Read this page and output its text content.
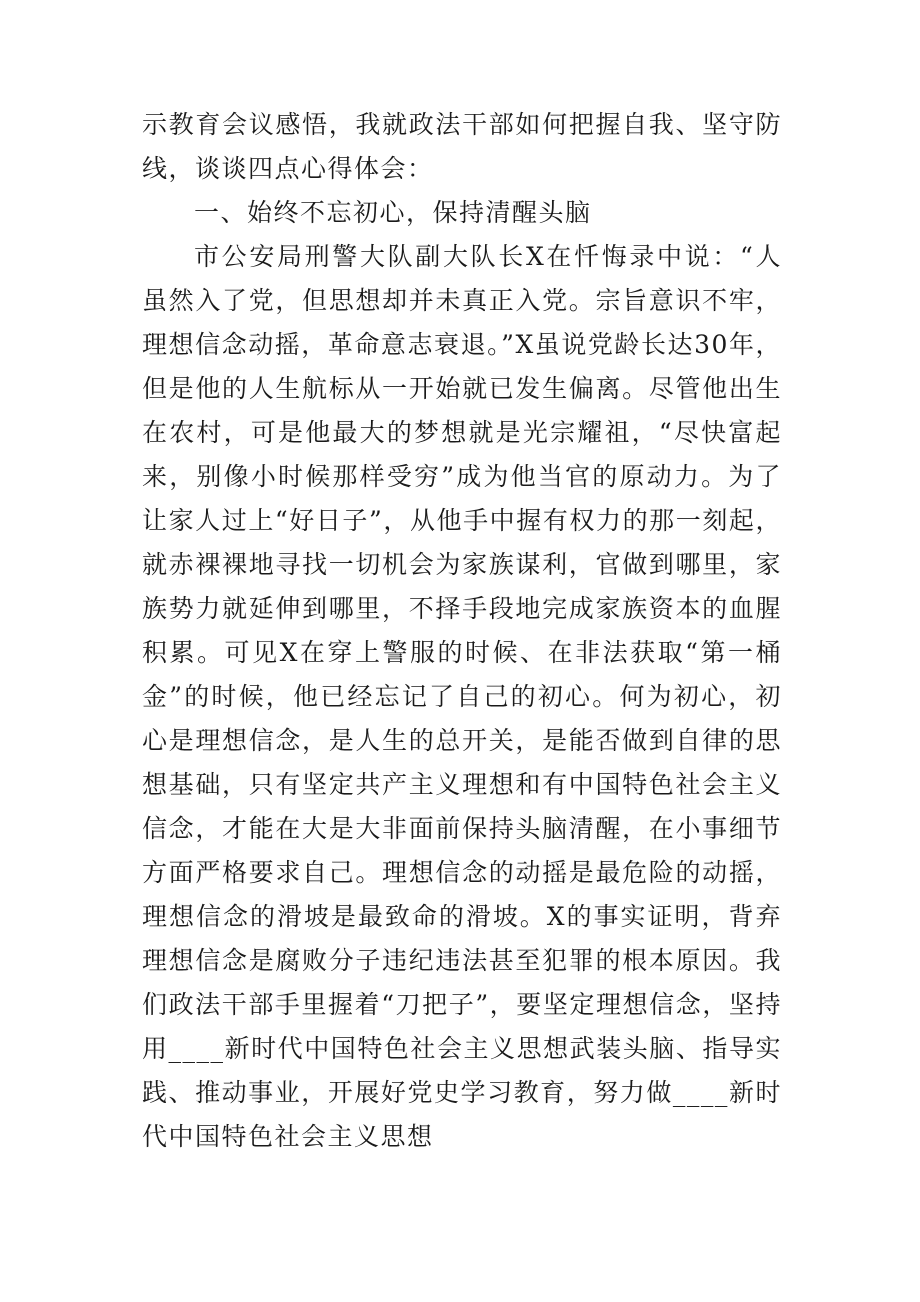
示教育会议感悟，我就政法干部如何把握自我、坚守防线，谈谈四点心得体会：

一、始终不忘初心，保持清醒头脑

市公安局刑警大队副大队长X在忏悔录中说：“人虽然入了党，但思想却并未真正入党。宗旨意识不牢，理想信念动摇，革命意志衰退。”X虽说党龄长达30年，但是他的人生航标从一开始就已发生偏离。尽管他出生在农村，可是他最大的梦想就是光宗耀祖，“尽快富起来，别像小时候那样受穷”成为他当官的原动力。为了让家人过上“好日子”，从他手中握有权力的那一刻起，就赤裸裸地寻找一切机会为家族谋利，官做到哪里，家族势力就延伸到哪里，不择手段地完成家族资本的血腥积累。可见X在穿上警服的时候、在非法获取“第一桶金”的时候，他已经忘记了自己的初心。何为初心，初心是理想信念，是人生的总开关，是能否做到自律的思想基础，只有坚定共产主义理想和有中国特色社会主义信念，才能在大是大非面前保持头脑清醒，在小事细节方面严格要求自己。理想信念的动摇是最危险的动摇，理想信念的滑坡是最致命的滑坡。X的事实证明，背弃理想信念是腐败分子违纪违法甚至犯罪的根本原因。我们政法干部手里握着“刀把子”，要坚定理想信念，坚持用____新时代中国特色社会主义思想武装头脑、指导实践、推动事业，开展好党史学习教育，努力做____新时代中国特色社会主义思想
